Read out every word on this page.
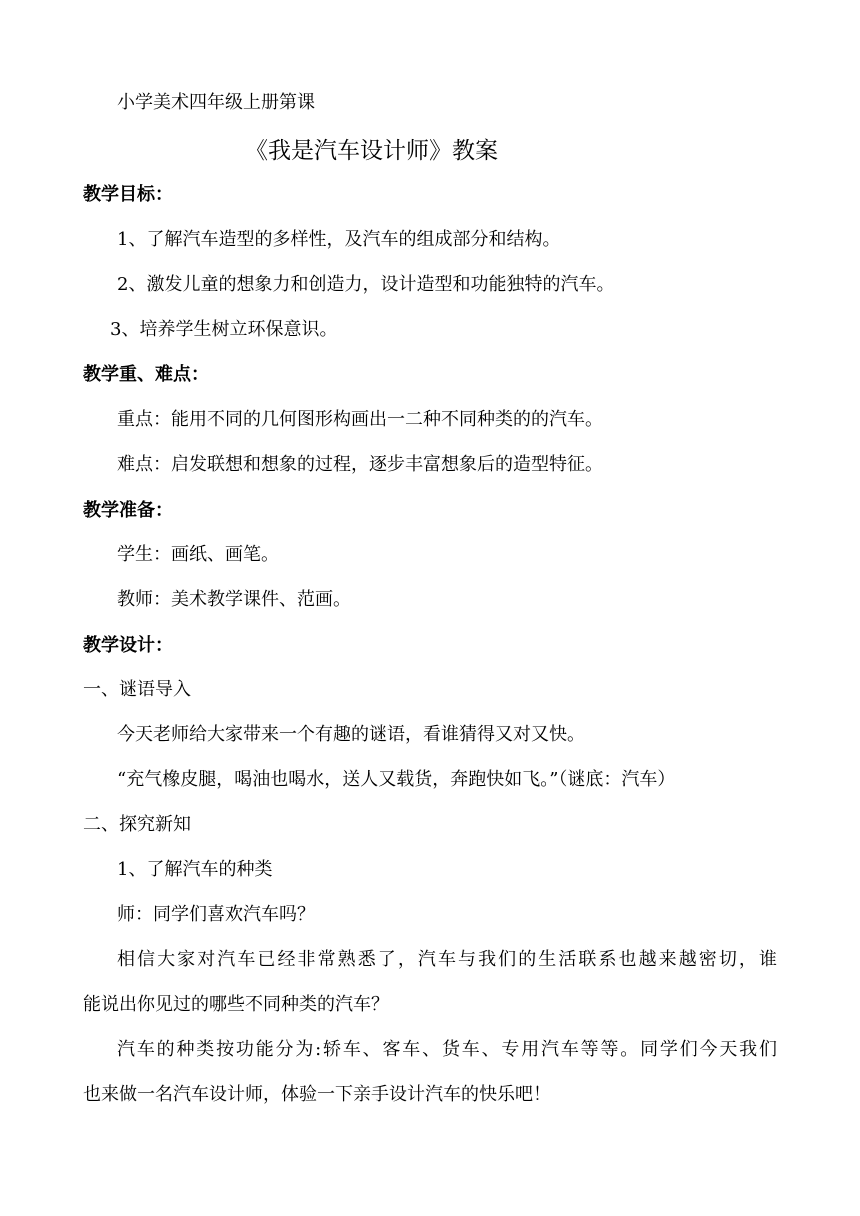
小学美术四年级上册第课
《我是汽车设计师》教案
教学目标：
1、了解汽车造型的多样性，及汽车的组成部分和结构。
2、激发儿童的想象力和创造力，设计造型和功能独特的汽车。
3、培养学生树立环保意识。
教学重、难点：
重点：能用不同的几何图形构画出一二种不同种类的的汽车。
难点：启发联想和想象的过程，逐步丰富想象后的造型特征。
教学准备：
学生：画纸、画笔。
教师：美术教学课件、范画。
教学设计：
一、谜语导入
今天老师给大家带来一个有趣的谜语，看谁猜得又对又快。
“充气橡皮腿，喝油也喝水，送人又载货，奔跑快如飞。”（谜底：汽车）
二、探究新知
1、了解汽车的种类
师：同学们喜欢汽车吗？
相信大家对汽车已经非常熟悉了，汽车与我们的生活联系也越来越密切，谁
能说出你见过的哪些不同种类的汽车？
汽车的种类按功能分为:轿车、客车、货车、专用汽车等等。同学们今天我们
也来做一名汽车设计师，体验一下亲手设计汽车的快乐吧！
